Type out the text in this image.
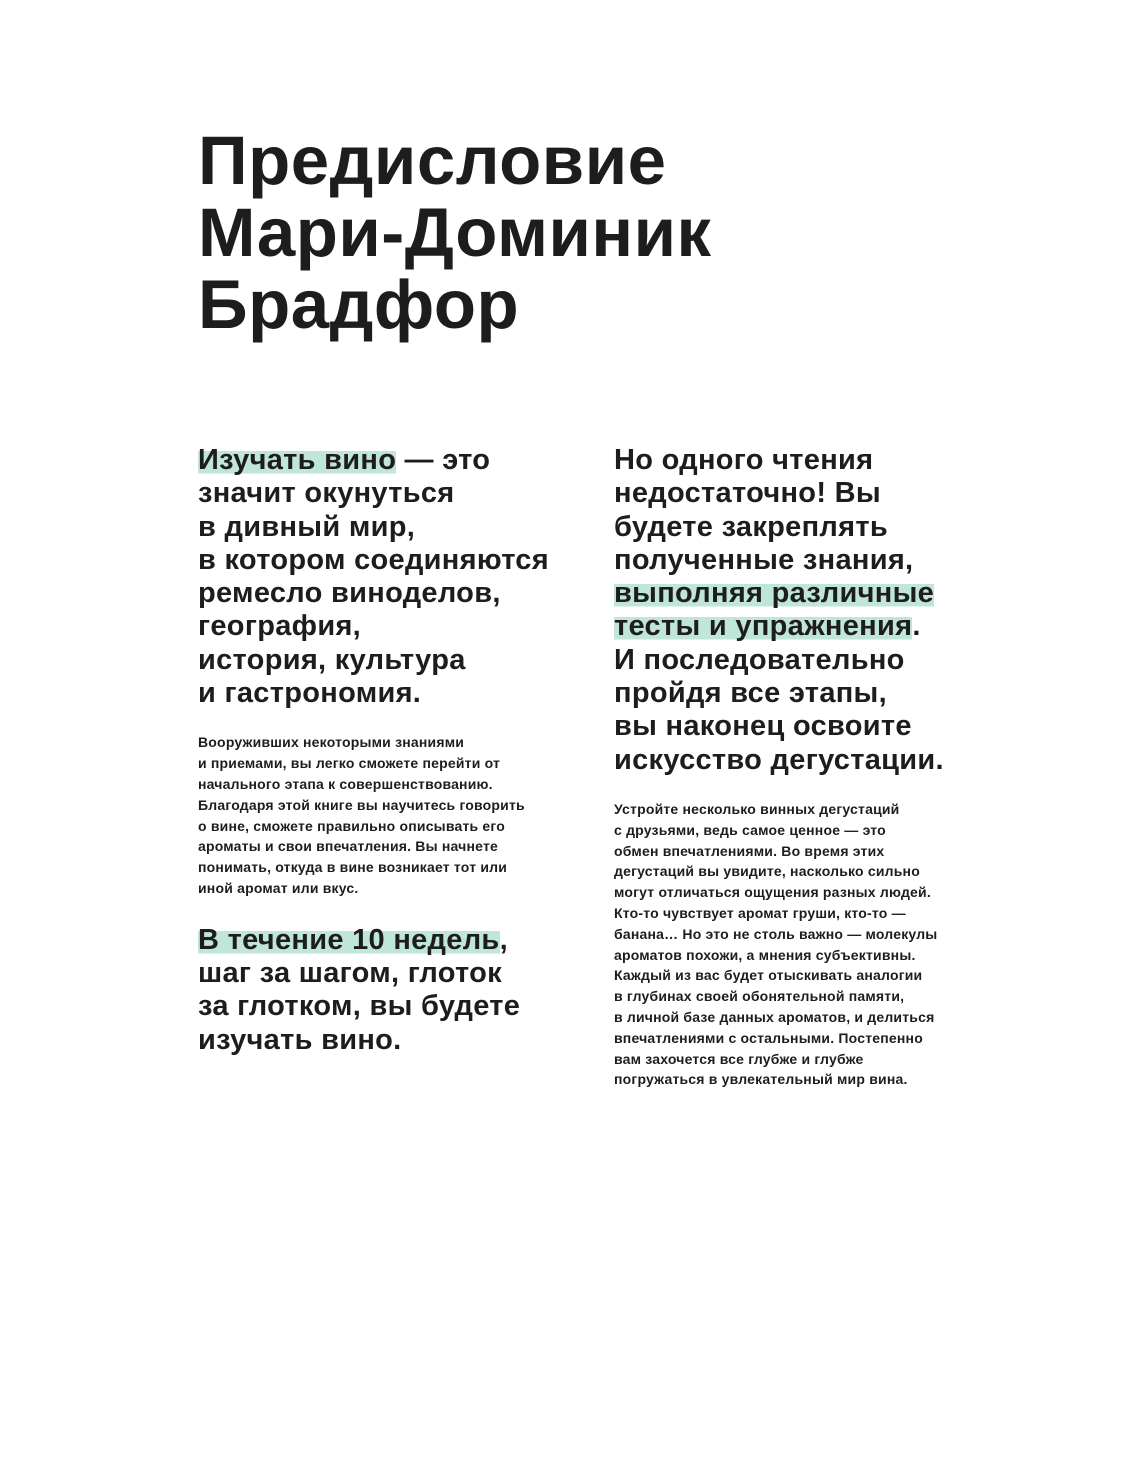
Предисловие
Мари-Доминик
Брадфор

Изучать вино — это
значит окунуться
в дивный мир,
в котором соединяются
ремесло виноделов,
география,
история, культура
и гастрономия.

Вооруживших некоторыми знаниями
и приемами, вы легко сможете перейти от
начального этапа к совершенствованию.
Благодаря этой книге вы научитесь говорить
о вине, сможете правильно описывать его
ароматы и свои впечатления. Вы начнете
понимать, откуда в вине возникает тот или
иной аромат или вкус.

В течение 10 недель,
шаг за шагом, глоток
за глотком, вы будете
изучать вино.

Но одного чтения
недостаточно! Вы
будете закреплять
полученные знания,
выполняя различные
тесты и упражнения.
И последовательно
пройдя все этапы,
вы наконец освоите
искусство дегустации.

Устройте несколько винных дегустаций
с друзьями, ведь самое ценное — это
обмен впечатлениями. Во время этих
дегустаций вы увидите, насколько сильно
могут отличаться ощущения разных людей.
Кто-то чувствует аромат груши, кто-то —
банана… Но это не столь важно — молекулы
ароматов похожи, а мнения субъективны.
Каждый из вас будет отыскивать аналогии
в глубинах своей обонятельной памяти,
в личной базе данных ароматов, и делиться
впечатлениями с остальными. Постепенно
вам захочется все глубже и глубже
погружаться в увлекательный мир вина.
